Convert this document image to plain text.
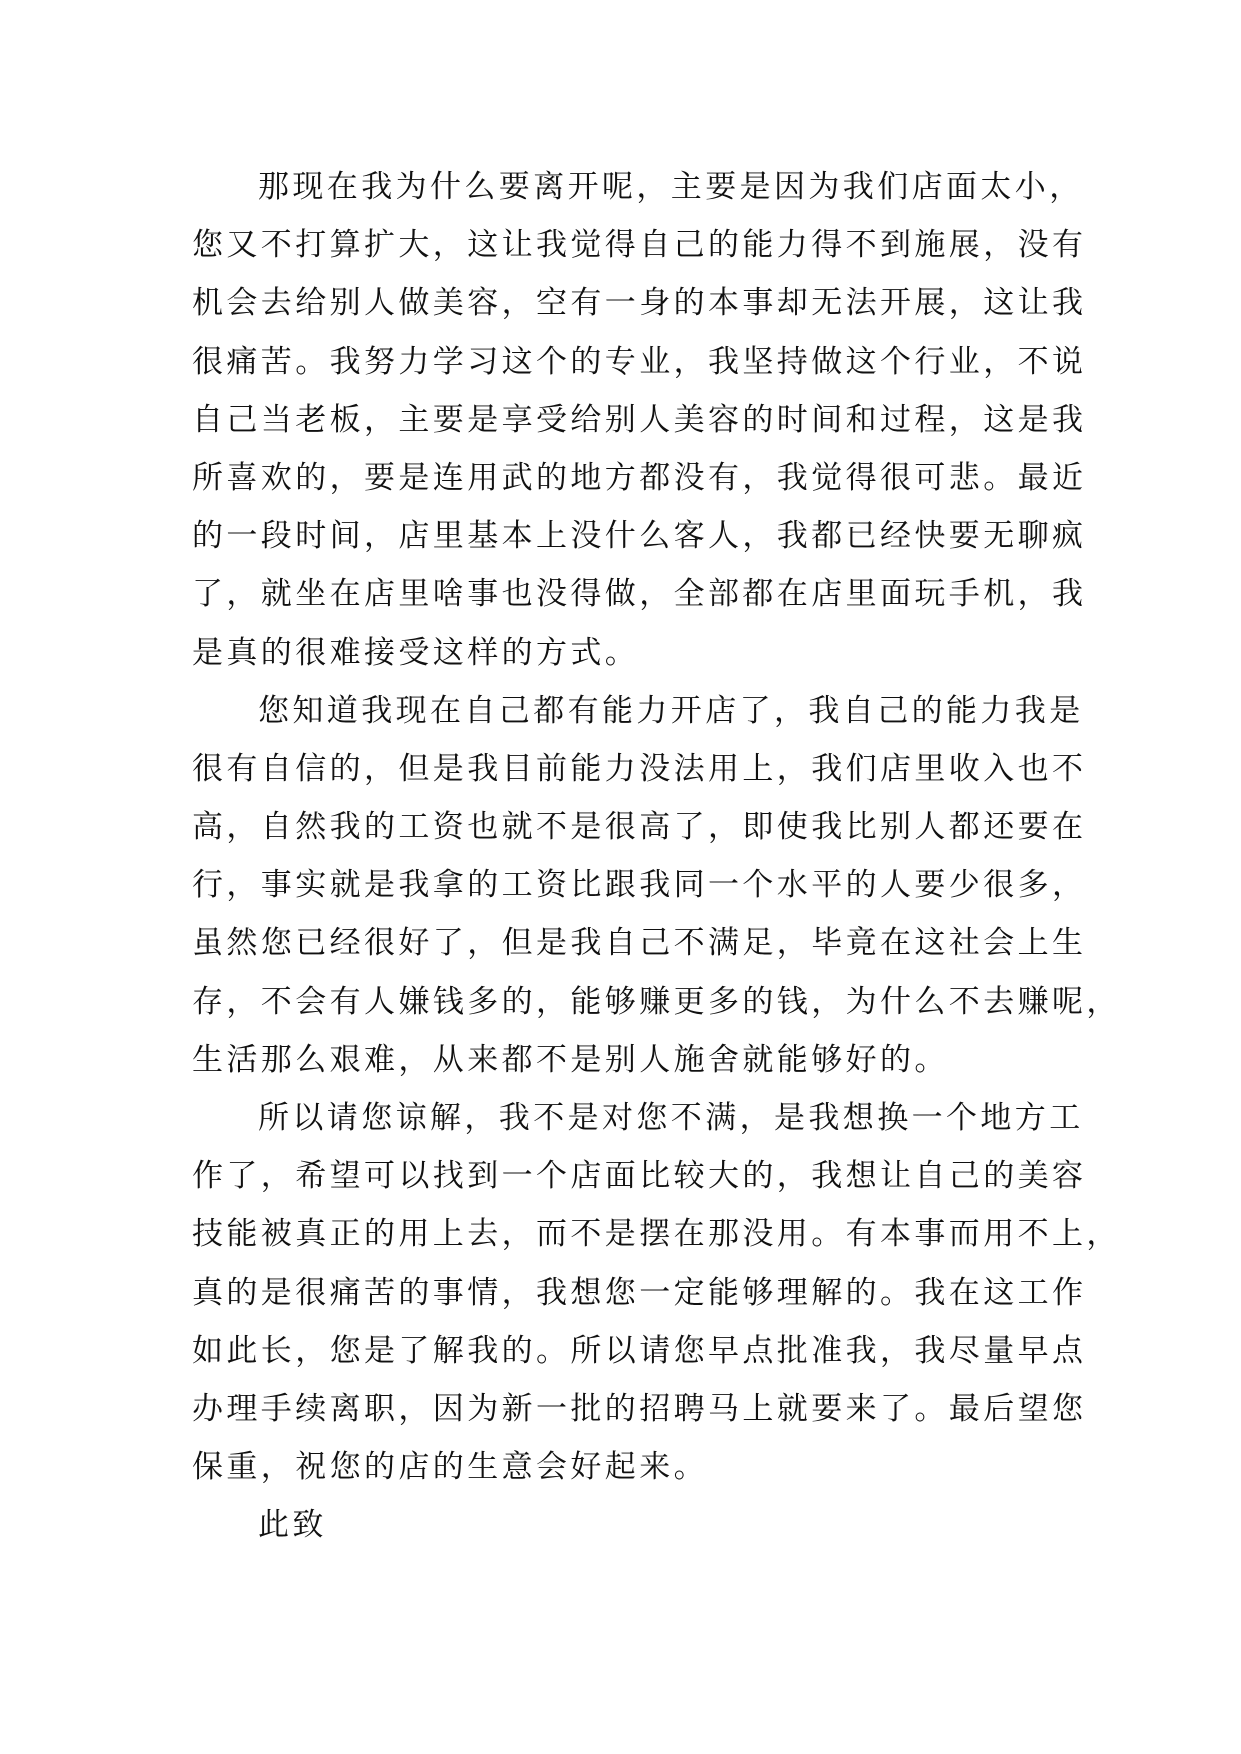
那现在我为什么要离开呢，主要是因为我们店面太小，
您又不打算扩大，这让我觉得自己的能力得不到施展，没有
机会去给别人做美容，空有一身的本事却无法开展，这让我
很痛苦。我努力学习这个的专业，我坚持做这个行业，不说
自己当老板，主要是享受给别人美容的时间和过程，这是我
所喜欢的，要是连用武的地方都没有，我觉得很可悲。最近
的一段时间，店里基本上没什么客人，我都已经快要无聊疯
了，就坐在店里啥事也没得做，全部都在店里面玩手机，我
是真的很难接受这样的方式。
您知道我现在自己都有能力开店了，我自己的能力我是
很有自信的，但是我目前能力没法用上，我们店里收入也不
高，自然我的工资也就不是很高了，即使我比别人都还要在
行，事实就是我拿的工资比跟我同一个水平的人要少很多，
虽然您已经很好了，但是我自己不满足，毕竟在这社会上生
存，不会有人嫌钱多的，能够赚更多的钱，为什么不去赚呢，
生活那么艰难，从来都不是别人施舍就能够好的。
所以请您谅解，我不是对您不满，是我想换一个地方工
作了，希望可以找到一个店面比较大的，我想让自己的美容
技能被真正的用上去，而不是摆在那没用。有本事而用不上，
真的是很痛苦的事情，我想您一定能够理解的。我在这工作
如此长，您是了解我的。所以请您早点批准我，我尽量早点
办理手续离职，因为新一批的招聘马上就要来了。最后望您
保重，祝您的店的生意会好起来。
此致
